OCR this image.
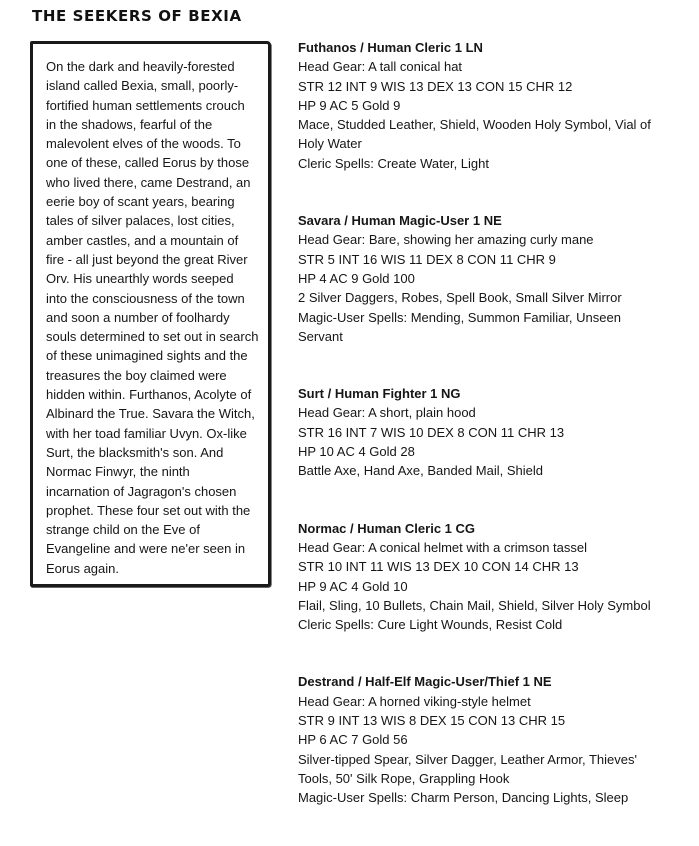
THE SEEKERS OF BEXIA
On the dark and heavily-forested
island called Bexia, small, poorly-
fortified human settlements crouch
in the shadows, fearful of the
malevolent elves of the woods. To
one of these, called Eorus by those
who lived there, came Destrand, an
eerie boy of scant years, bearing
tales of silver palaces, lost cities,
amber castles, and a mountain of
fire - all just beyond the great River
Orv. His unearthly words seeped
into the consciousness of the town
and soon a number of foolhardy
souls determined to set out in search
of these unimagined sights and the
treasures the boy claimed were
hidden within. Furthanos, Acolyte of
Albinard the True. Savara the Witch,
with her toad familiar Uvyn. Ox-like
Surt, the blacksmith's son. And
Normac Finwyr, the ninth
incarnation of Jagragon's chosen
prophet. These four set out with the
strange child on the Eve of
Evangeline and were ne'er seen in
Eorus again.
Futhanos / Human Cleric 1 LN
Head Gear: A tall conical hat
STR 12 INT 9 WIS 13 DEX 13 CON 15 CHR 12
HP 9 AC 5 Gold 9
Mace, Studded Leather, Shield, Wooden Holy Symbol, Vial of
Holy Water
Cleric Spells: Create Water, Light
Savara / Human Magic-User 1 NE
Head Gear: Bare, showing her amazing curly mane
STR 5 INT 16 WIS 11 DEX 8 CON 11 CHR 9
HP 4 AC 9 Gold 100
2 Silver Daggers, Robes, Spell Book, Small Silver Mirror
Magic-User Spells: Mending, Summon Familiar, Unseen
Servant
Surt / Human Fighter 1 NG
Head Gear: A short, plain hood
STR 16 INT 7 WIS 10 DEX 8 CON 11 CHR 13
HP 10 AC 4 Gold 28
Battle Axe, Hand Axe, Banded Mail, Shield
Normac / Human Cleric 1 CG
Head Gear: A conical helmet with a crimson tassel
STR 10 INT 11 WIS 13 DEX 10 CON 14 CHR 13
HP 9 AC 4 Gold 10
Flail, Sling, 10 Bullets, Chain Mail, Shield, Silver Holy Symbol
Cleric Spells: Cure Light Wounds, Resist Cold
Destrand / Half-Elf Magic-User/Thief 1 NE
Head Gear: A horned viking-style helmet
STR 9 INT 13 WIS 8 DEX 15 CON 13 CHR 15
HP 6 AC 7 Gold 56
Silver-tipped Spear, Silver Dagger, Leather Armor, Thieves'
Tools, 50' Silk Rope, Grappling Hook
Magic-User Spells: Charm Person, Dancing Lights, Sleep
